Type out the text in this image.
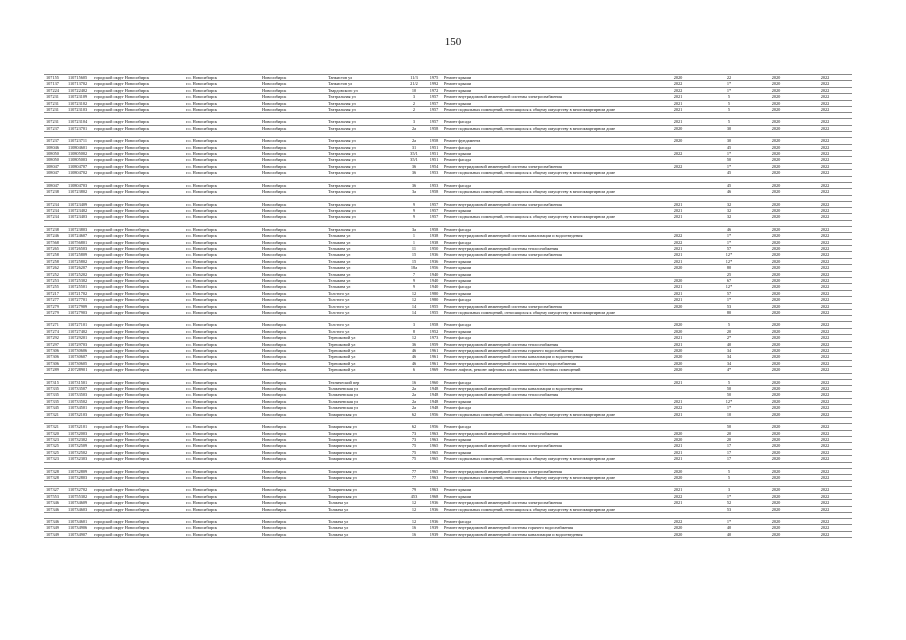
150
107155	110715605	городской округ Новосибирск	г.о. Новосибирск	Новосибирск	Танкистов ул	11/3	1975	Ремонт крыши	2020	22	2020	2022
107137	110713702	городской округ Новосибирск	г.о. Новосибирск	Новосибирск	Танкистов ул	21/2	1992	Ремонт крыши	2022	1*	2020	2022
107224	110722402	городской округ Новосибирск	г.о. Новосибирск	Новосибирск	Твардовского ул	10	1972	Ремонт крыши	2022	1*	2020	2022
107231	110723109	городской округ Новосибирск	г.о. Новосибирск	Новосибирск	Театральная ул	3	1957	Ремонт внутридомовой инженерной системы электроснабжения	2021	5	2020	2022
107231	110723102	городской округ Новосибирск	г.о. Новосибирск	Новосибирск	Театральная ул	2	1957	Ремонт крыши	2021	5	2020	2022
107231	110723103	городской округ Новосибирск	г.о. Новосибирск	Новосибирск	Театральная ул	2	1957	Ремонт подвальных помещений, относящихся к общему имуществу в многоквартирном доме	2021	5	2020	2022

107231	110723104	городской округ Новосибирск	г.о. Новосибирск	Новосибирск	Театральная ул	3	1957	Ремонт фасада	2021	5	2020	2022
107237	110723701	городской округ Новосибирск	г.о. Новосибирск	Новосибирск	Театральная ул	2а	1958	Ремонт подвальных помещений, относящихся к общему имуществу в многоквартирном доме	2020	30	2020	2022

107237	110723711	городской округ Новосибирск	г.о. Новосибирск	Новосибирск	Театральная ул	2а	1958	Ремонт фундамента	2020	30	2020	2022
108046	110804601	городской округ Новосибирск	г.о. Новосибирск	Новосибирск	Театральная ул	31	1951	Ремонт фасада		45	2020	2022
108050	110805002	городской округ Новосибирск	г.о. Новосибирск	Новосибирск	Театральная ул	35/1	1951	Ремонт крыши	2022	1*	2020	2022
108050	110805003	городской округ Новосибирск	г.о. Новосибирск	Новосибирск	Театральная ул	35/1	1951	Ремонт фасада		50	2020	2022
108047	110804707	городской округ Новосибирск	г.о. Новосибирск	Новосибирск	Театральная ул	36	1954	Ремонт внутридомовой инженерной системы электроснабжения	2022	1*	2020	2022
108047	110804702	городской округ Новосибирск	г.о. Новосибирск	Новосибирск	Театральная ул	36	1953	Ремонт подвальных помещений, относящихся к общему имуществу в многоквартирном доме		45	2020	2022

108047	110804703	городской округ Новосибирск	г.о. Новосибирск	Новосибирск	Театральная ул	36	1953	Ремонт фасада		45	2020	2022
107238	110723802	городской округ Новосибирск	г.о. Новосибирск	Новосибирск	Театральная ул	3а	1958	Ремонт подвальных помещений, относящихся к общему имуществу в многоквартирном доме		46	2020	2022

107234	110723409	городской округ Новосибирск	г.о. Новосибирск	Новосибирск	Театральная ул	9	1957	Ремонт внутридомовой инженерной системы электроснабжения	2021	32	2020	2022
107234	110723402	городской округ Новосибирск	г.о. Новосибирск	Новосибирск	Театральная ул	9	1957	Ремонт крыши	2021	32	2020	2022
107234	110723403	городской округ Новосибирск	г.о. Новосибирск	Новосибирск	Театральная ул	9	1957	Ремонт подвальных помещений, относящихся к общему имуществу в многоквартирном доме	2021	32	2020	2022

107238	110723803	городской округ Новосибирск	г.о. Новосибирск	Новосибирск	Театральная ул	3а	1958	Ремонт фасада		46	2020	2022
107246	110724607	городской округ Новосибирск	г.о. Новосибирск	Новосибирск	Тельмана ул	1	1938	Ремонт внутридомовой инженерной системы канализации и водоотведения	2022	1*	2020	2022
107568	110756801	городской округ Новосибирск	г.о. Новосибирск	Новосибирск	Тельмана ул	1	1938	Ремонт фасада	2022	1*	2020	2022
107265	110726503	городской округ Новосибирск	г.о. Новосибирск	Новосибирск	Тельмана ул	11	1950	Ремонт внутридомовой инженерной системы теплоснабжения	2021	57	2020	2022
107258	110725809	городской округ Новосибирск	г.о. Новосибирск	Новосибирск	Тельмана ул	15	1936	Ремонт внутридомовой инженерной системы электроснабжения	2021	12*	2020	2022
107258	110725802	городской округ Новосибирск	г.о. Новосибирск	Новосибирск	Тельмана ул	15	1936	Ремонт крыши	2021	12*	2020	2022
107262	110726207	городской округ Новосибирск	г.о. Новосибирск	Новосибирск	Тельмана ул	18а	1956	Ремонт крыши	2020	80	2020	2022
107252	110725202	городской округ Новосибирск	г.о. Новосибирск	Новосибирск	Тельмана ул	7	1940	Ремонт крыши		25	2020	2022
107253	110725302	городской округ Новосибирск	г.о. Новосибирск	Новосибирск	Тельмана ул	9	1940	Ремонт крыши	2020	67	2020	2022
107255	110725501	городской округ Новосибирск	г.о. Новосибирск	Новосибирск	Тельмана ул	9	1940	Ремонт фасада	2021	12*	2020	2022
107217	110721702	городской округ Новосибирск	г.о. Новосибирск	Новосибирск	Толстого ул	12	1980	Ремонт крыши	2021	57	2020	2022
107277	110727701	городской округ Новосибирск	г.о. Новосибирск	Новосибирск	Толстого ул	12	1980	Ремонт фасада	2021	1*	2020	2022
107279	110727909	городской округ Новосибирск	г.о. Новосибирск	Новосибирск	Толстого ул	14	1955	Ремонт внутридомовой инженерной системы электроснабжения	2020	53	2020	2022
107279	110727903	городской округ Новосибирск	г.о. Новосибирск	Новосибирск	Толстого ул	14	1955	Ремонт подвальных помещений, относящихся к общему имуществу в многоквартирном доме		80	2020	2022

107271	110727101	городской округ Новосибирск	г.о. Новосибирск	Новосибирск	Толстого ул	3	1958	Ремонт фасада	2020	5	2020	2022
107274	110727402	городской округ Новосибирск	г.о. Новосибирск	Новосибирск	Толстого ул	8	1952	Ремонт крыши	2020	20	2020	2022
107292	110729201	городской округ Новосибирск	г.о. Новосибирск	Новосибирск	Терешковой ул	12	1973	Ремонт фасада	2021	2*	2020	2022
107297	110729703	городской округ Новосибирск	г.о. Новосибирск	Новосибирск	Терешковой ул	36	1959	Ремонт внутридомовой инженерной системы теплоснабжения	2021	40	2020	2022
107306	110730606	городской округ Новосибирск	г.о. Новосибирск	Новосибирск	Терешковой ул	46	1961	Ремонт внутридомовой инженерной системы горячего водоснабжения	2020	34	2020	2022
107306	110730607	городской округ Новосибирск	г.о. Новосибирск	Новосибирск	Терешковой ул	46	1961	Ремонт внутридомовой инженерной системы канализации и водоотведения	2020	34	2020	2022
107306	110730605	городской округ Новосибирск	г.о. Новосибирск	Новосибирск	Терешковой ул	46	1961	Ремонт внутридомовой инженерной системы холодного водоснабжения	2020	34	2020	2022
107289	210728901	городской округ Новосибирск	г.о. Новосибирск	Новосибирск	Терешковой ул	6	1969	Ремонт лифтов, ремонт лифтовых шахт, машинных и блочных помещений	2020	4*	2020	2022

107315	110731501	городской округ Новосибирск	г.о. Новосибирск	Новосибирск	Технический пер	16	1960	Ремонт фасада	2021	5	2020	2022
107335	110733507	городской округ Новосибирск	г.о. Новосибирск	Новосибирск	Толмачевская ул	2а	1948	Ремонт внутридомовой инженерной системы канализации и водоотведения		50	2020	2022
107335	110733503	городской округ Новосибирск	г.о. Новосибирск	Новосибирск	Толмачевская ул	2а	1948	Ремонт внутридомовой инженерной системы теплоснабжения		50	2020	2022
107335	110733502	городской округ Новосибирск	г.о. Новосибирск	Новосибирск	Толмачевская ул	2а	1948	Ремонт крыши	2021	12*	2020	2022
107345	110734501	городской округ Новосибирск	г.о. Новосибирск	Новосибирск	Толмачевская ул	2а	1948	Ремонт фасада	2022	1*	2020	2022
107321	110732103	городской округ Новосибирск	г.о. Новосибирск	Новосибирск	Томаринская ул	62	1956	Ремонт подвальных помещений, относящихся к общему имуществу в многоквартирном доме	2021	10	2020	2022

107321	110732101	городской округ Новосибирск	г.о. Новосибирск	Новосибирск	Томаринская ул	62	1956	Ремонт фасада		50	2020	2022
107320	110732003	городской округ Новосибирск	г.о. Новосибирск	Новосибирск	Томаринская ул	73	1963	Ремонт внутридомовой инженерной системы теплоснабжения	2020	20	2020	2022
107323	110732302	городской округ Новосибирск	г.о. Новосибирск	Новосибирск	Томаринская ул	73	1963	Ремонт крыши	2020	20	2020	2022
107325	110732509	городской округ Новосибирск	г.о. Новосибирск	Новосибирск	Томаринская ул	75	1965	Ремонт внутридомовой инженерной системы электроснабжения	2021	17	2020	2022
107325	110732502	городской округ Новосибирск	г.о. Новосибирск	Новосибирск	Томаринская ул	75	1965	Ремонт крыши	2021	17	2020	2022
107323	110732303	городской округ Новосибирск	г.о. Новосибирск	Новосибирск	Томаринская ул	75	1965	Ремонт подвальных помещений, относящихся к общему имуществу в многоквартирном доме	2021	17	2020	2022

107328	110732809	городской округ Новосибирск	г.о. Новосибирск	Новосибирск	Томаринская ул	77	1965	Ремонт внутридомовой инженерной системы электроснабжения	2020	5	2020	2022
107328	110732803	городской округ Новосибирск	г.о. Новосибирск	Новосибирск	Томаринская ул	77	1963	Ремонт подвальных помещений, относящихся к общему имуществу в многоквартирном доме	2020	5	2020	2022

107327	110732702	городской округ Новосибирск	г.о. Новосибирск	Новосибирск	Томаринская ул	79	1963	Ремонт крыши	2021	3	2020	2022
107553	110755302	городской округ Новосибирск	г.о. Новосибирск	Новосибирск	Томаринская ул	453	1968	Ремонт крыши	2022	1*	2020	2022
107346	110734609	городской округ Новосибирск	г.о. Новосибирск	Новосибирск	Толмача ул	12	1936	Ремонт внутридомовой инженерной системы электроснабжения	2021	52	2020	2022
107346	110734603	городской округ Новосибирск	г.о. Новосибирск	Новосибирск	Толмача ул	12	1936	Ремонт подвальных помещений, относящихся к общему имуществу в многоквартирном доме		53	2020	2022

107346	110734601	городской округ Новосибирск	г.о. Новосибирск	Новосибирск	Толмача ул	12	1936	Ремонт фасада	2022	1*	2020	2022
107349	110734906	городской округ Новосибирск	г.о. Новосибирск	Новосибирск	Толмача ул	16	1939	Ремонт внутридомовой инженерной системы горячего водоснабжения	2020	40	2020	2022
107349	110734907	городской округ Новосибирск	г.о. Новосибирск	Новосибирск	Толмача ул	16	1939	Ремонт внутридомовой инженерной системы канализации и водоотведения	2020	40	2020	2022
